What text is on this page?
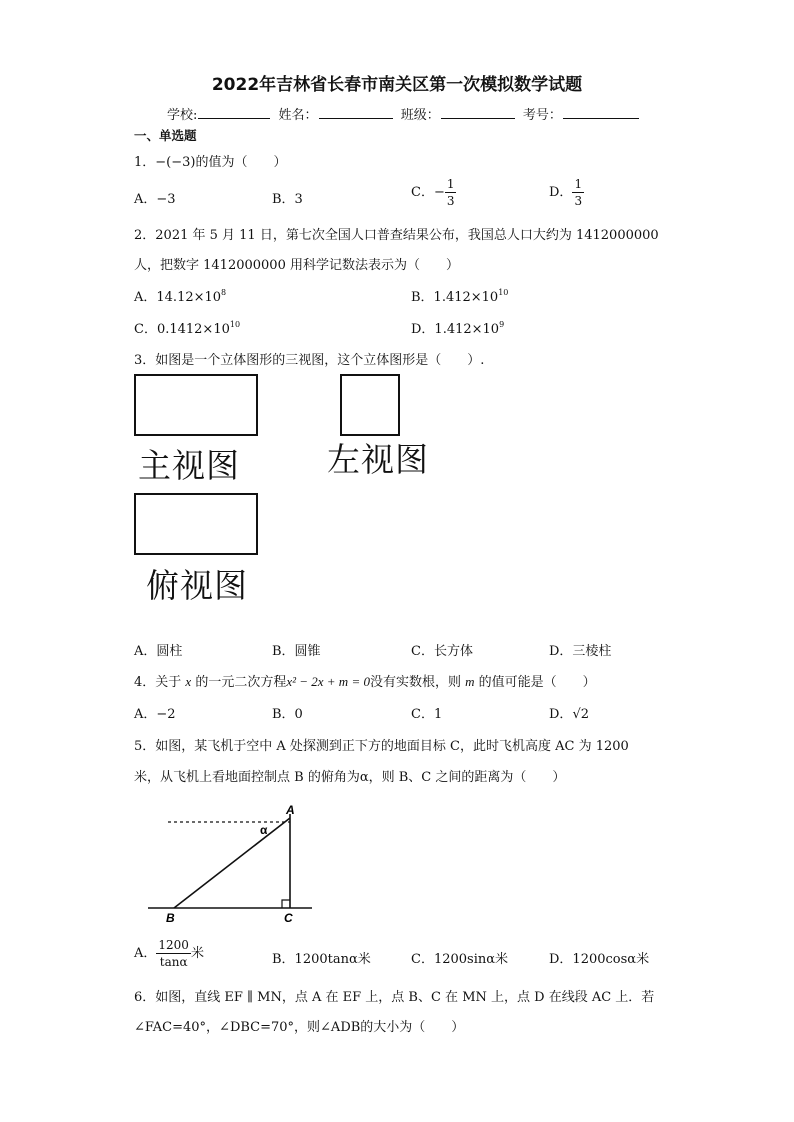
2022年吉林省长春市南关区第一次模拟数学试题
学校:	姓名：	班级：	考号：
一、单选题
1．−(−3)的值为（　　）
A．−3	B．3	C．− $\frac{1}{3}$	D． $\frac{1}{3}$
2．2021 年 5 月 11 日，第七次全国人口普查结果公布，我国总人口大约为 1412000000
人，把数字 1412000000 用科学记数法表示为（　　）
A．$14.12\times 10^8$	B．$1.412\times 10^{10}$
C．$0.1412\times 10^{10}$	D．$1.412\times 10^9$
3．如图是一个立体图形的三视图，这个立体图形是（　　）.
主视图	左视图
俯视图
A．圆柱	B．圆锥	C．长方体	D．三棱柱
4．关于 x 的一元二次方程x² − 2x + m = 0没有实数根，则 m 的值可能是（　　）
A．−2	B．0	C．1	D．√2
5．如图，某飞机于空中 A 处探测到正下方的地面目标 C，此时飞机高度 AC 为 1200
米，从飞机上看地面控制点 B 的俯角为α，则 B、C 之间的距离为（　　）
A
B	C
α
A． $\frac{1200}{\tan\alpha}$ 米	B．1200tanα米	C．1200sinα米	D．1200cosα米
6．如图，直线 EF ∥ MN，点 A 在 EF 上，点 B、C 在 MN 上，点 D 在线段 AC 上．若
∠FAC=40°，∠DBC=70°，则∠ADB的大小为（　　）
